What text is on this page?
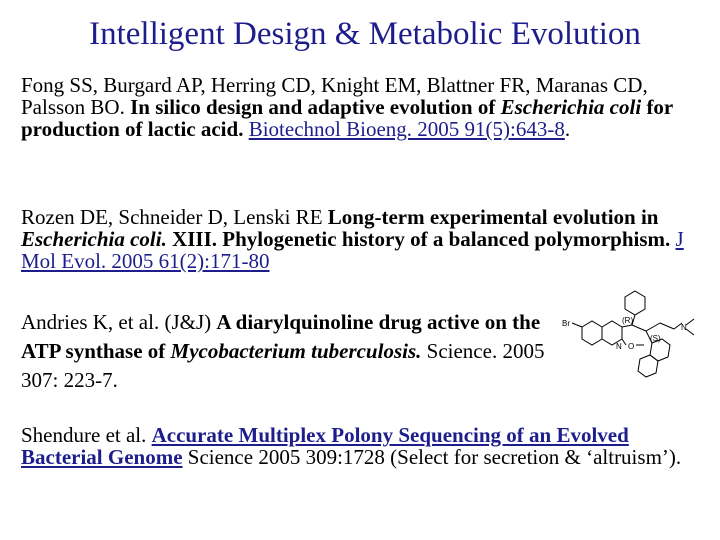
Intelligent Design & Metabolic Evolution
Fong SS, Burgard AP, Herring CD, Knight EM, Blattner FR, Maranas CD, Palsson BO. In silico design and adaptive evolution of Escherichia coli for production of lactic acid. Biotechnol Bioeng. 2005 91(5):643-8.
Rozen DE, Schneider D, Lenski RE Long-term experimental evolution in Escherichia coli. XIII. Phylogenetic history of a balanced polymorphism. J Mol Evol. 2005 61(2):171-80
Andries K, et al. (J&J) A diarylquinoline drug active on the ATP synthase of Mycobacterium tuberculosis. Science. 2005 307: 223-7.
Br	(R)
(S)
N O
N
Shendure et al. Accurate Multiplex Polony Sequencing of an Evolved Bacterial Genome Science 2005 309:1728 (Select for secretion & ‘altruism’).
